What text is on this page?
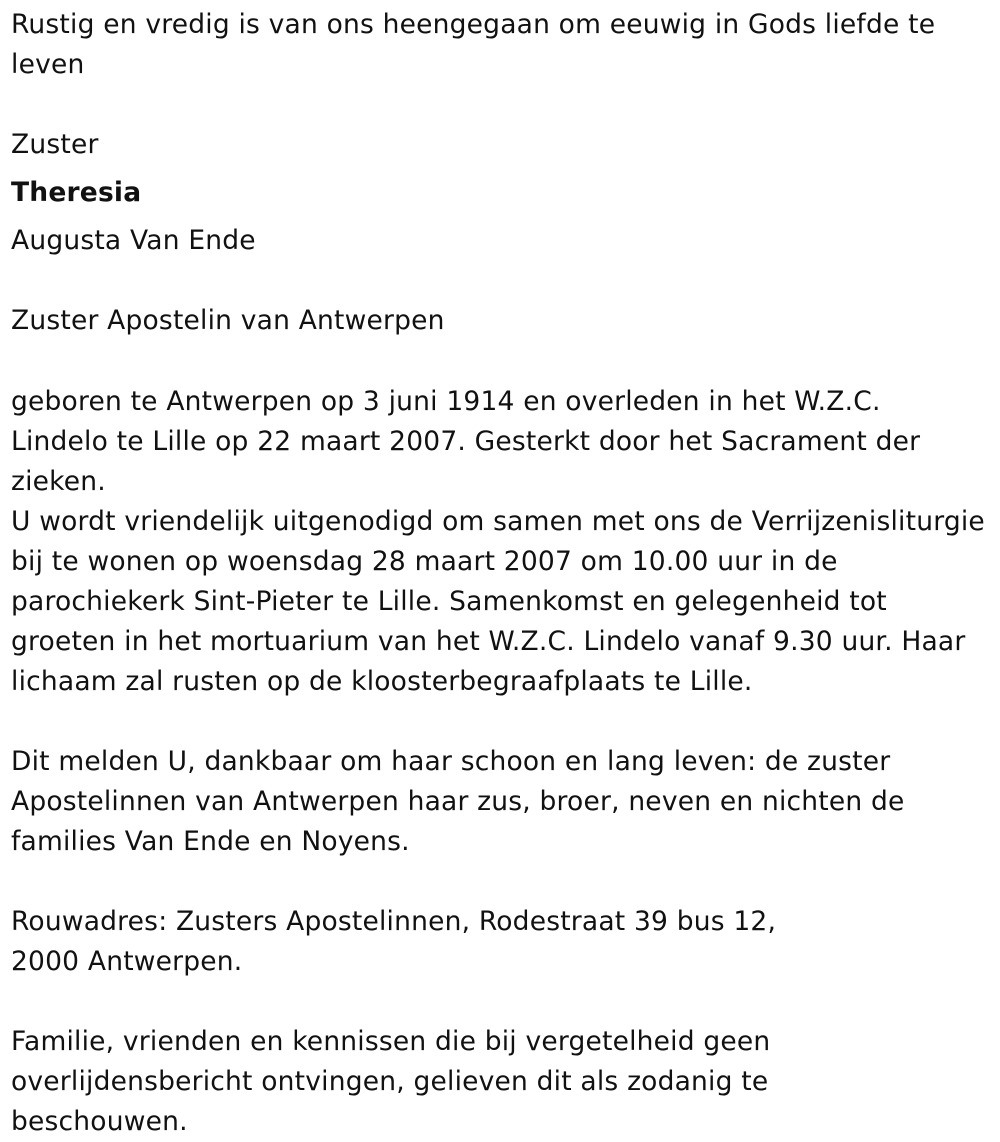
Rustig en vredig is van ons heengegaan om eeuwig in Gods liefde te leven

Zuster

Theresia

Augusta Van Ende

Zuster Apostelin van Antwerpen

geboren te Antwerpen op 3 juni 1914 en overleden in het W.Z.C. Lindelo te Lille op 22 maart 2007. Gesterkt door het Sacrament der zieken.

U wordt vriendelijk uitgenodigd om samen met ons de Verrijzenisliturgie bij te wonen op woensdag 28 maart 2007 om 10.00 uur in de parochiekerk Sint-Pieter te Lille. Samenkomst en gelegenheid tot groeten in het mortuarium van het W.Z.C. Lindelo vanaf 9.30 uur. Haar lichaam zal rusten op de kloosterbegraafplaats te Lille.

Dit melden U, dankbaar om haar schoon en lang leven: de zuster Apostelinnen van Antwerpen haar zus, broer, neven en nichten de families Van Ende en Noyens.

Rouwadres: Zusters Apostelinnen, Rodestraat 39 bus 12, 2000 Antwerpen.

Familie, vrienden en kennissen die bij vergetelheid geen overlijdensbericht ontvingen, gelieven dit als zodanig te beschouwen.
